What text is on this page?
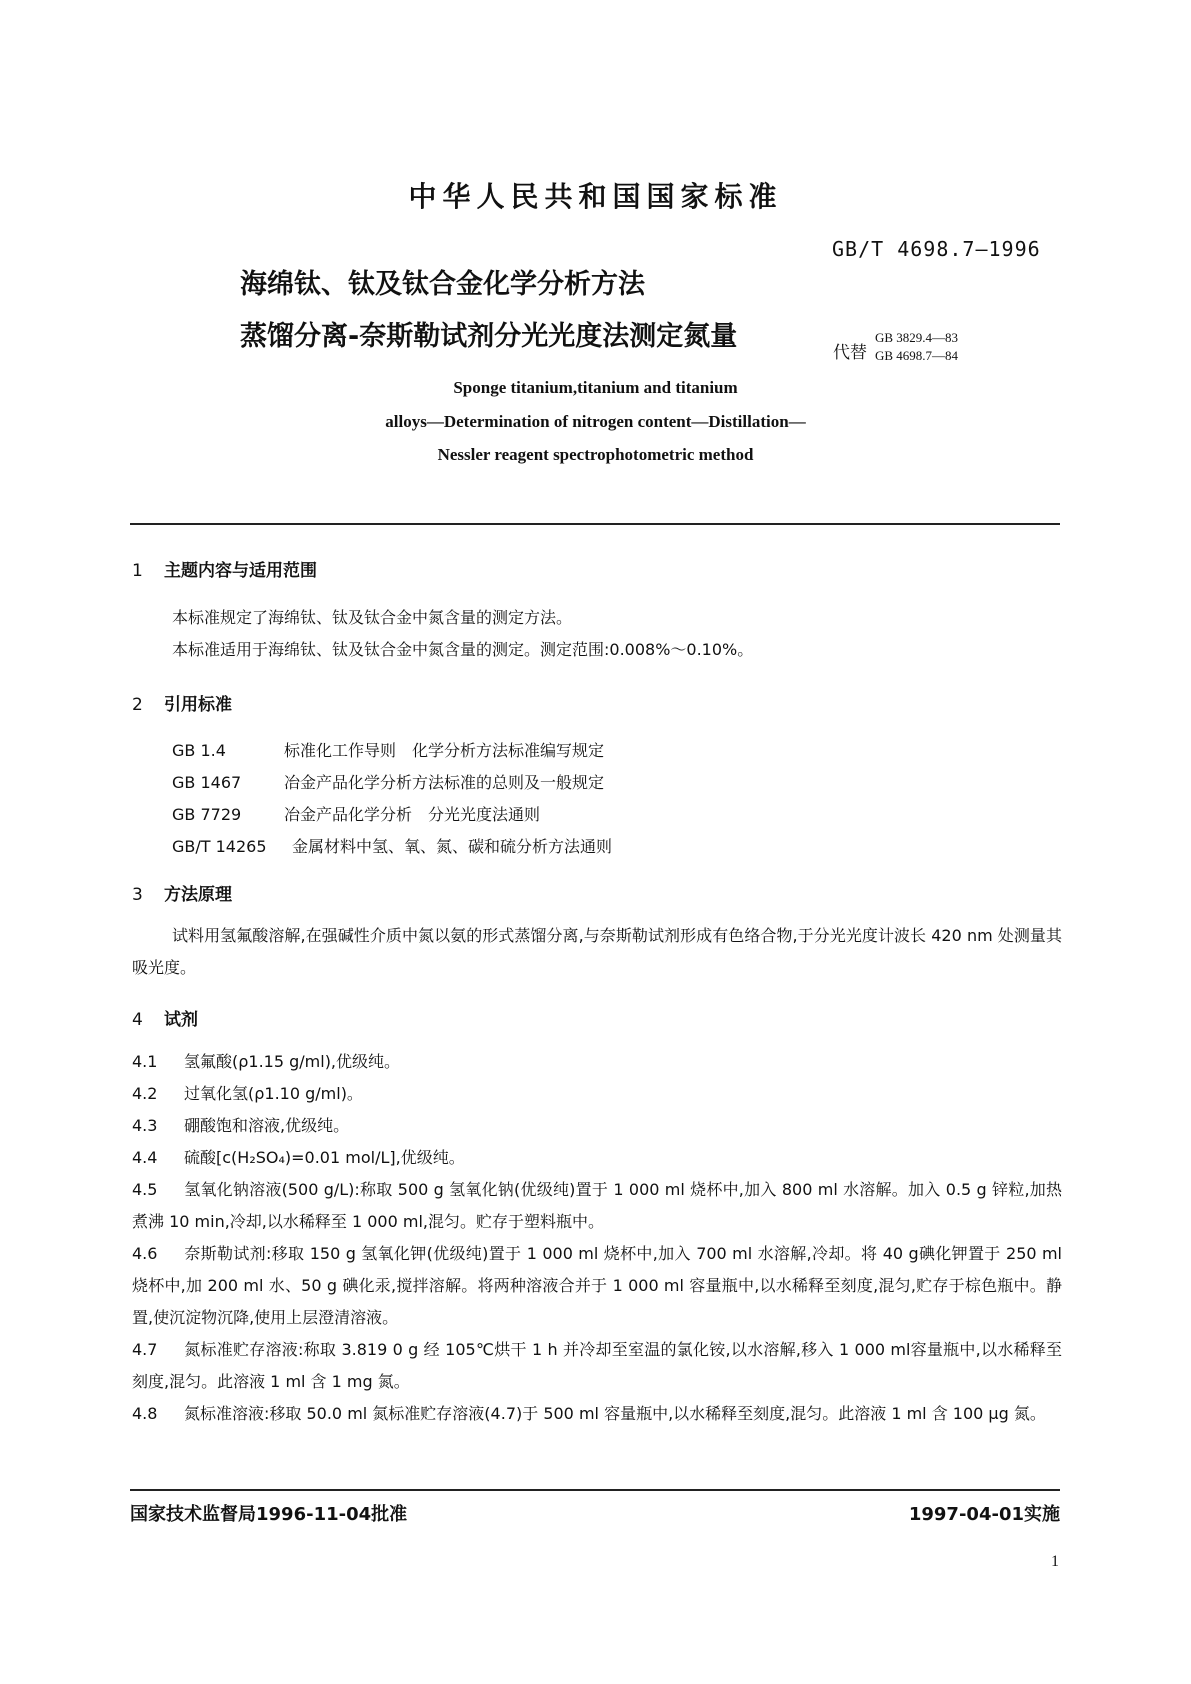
中华人民共和国国家标准
海绵钛、钛及钛合金化学分析方法
蒸馏分离-奈斯勒试剂分光光度法测定氮量
GB/T 4698.7—1996
代替
GB 3829.4—83
GB 4698.7—84
Sponge titanium,titanium and titanium
alloys—Determination of nitrogen content—Distillation—
Nessler reagent spectrophotometric method
1 主题内容与适用范围
本标准规定了海绵钛、钛及钛合金中氮含量的测定方法。
本标准适用于海绵钛、钛及钛合金中氮含量的测定。测定范围:0.008%～0.10%。
2 引用标准
GB 1.4	标准化工作导则　化学分析方法标准编写规定
GB 1467	冶金产品化学分析方法标准的总则及一般规定
GB 7729	冶金产品化学分析　分光光度法通则
GB/T 14265 金属材料中氢、氧、氮、碳和硫分析方法通则
3 方法原理
试料用氢氟酸溶解,在强碱性介质中氮以氨的形式蒸馏分离,与奈斯勒试剂形成有色络合物,于分光光度计波长 420 nm 处测量其吸光度。
4 试剂
4.1 氢氟酸(ρ1.15 g/ml),优级纯。
4.2 过氧化氢(ρ1.10 g/ml)。
4.3 硼酸饱和溶液,优级纯。
4.4 硫酸[c(H₂SO₄)=0.01 mol/L],优级纯。
4.5 氢氧化钠溶液(500 g/L):称取 500 g 氢氧化钠(优级纯)置于 1 000 ml 烧杯中,加入 800 ml 水溶解。加入 0.5 g 锌粒,加热煮沸 10 min,冷却,以水稀释至 1 000 ml,混匀。贮存于塑料瓶中。
4.6 奈斯勒试剂:移取 150 g 氢氧化钾(优级纯)置于 1 000 ml 烧杯中,加入 700 ml 水溶解,冷却。将 40 g碘化钾置于 250 ml 烧杯中,加 200 ml 水、50 g 碘化汞,搅拌溶解。将两种溶液合并于 1 000 ml 容量瓶中,以水稀释至刻度,混匀,贮存于棕色瓶中。静置,使沉淀物沉降,使用上层澄清溶液。
4.7 氮标准贮存溶液:称取 3.819 0 g 经 105℃烘干 1 h 并冷却至室温的氯化铵,以水溶解,移入 1 000 ml容量瓶中,以水稀释至刻度,混匀。此溶液 1 ml 含 1 mg 氮。
4.8 氮标准溶液:移取 50.0 ml 氮标准贮存溶液(4.7)于 500 ml 容量瓶中,以水稀释至刻度,混匀。此溶液 1 ml 含 100 μg 氮。
国家技术监督局1996-11-04批准	1997-04-01实施
1
